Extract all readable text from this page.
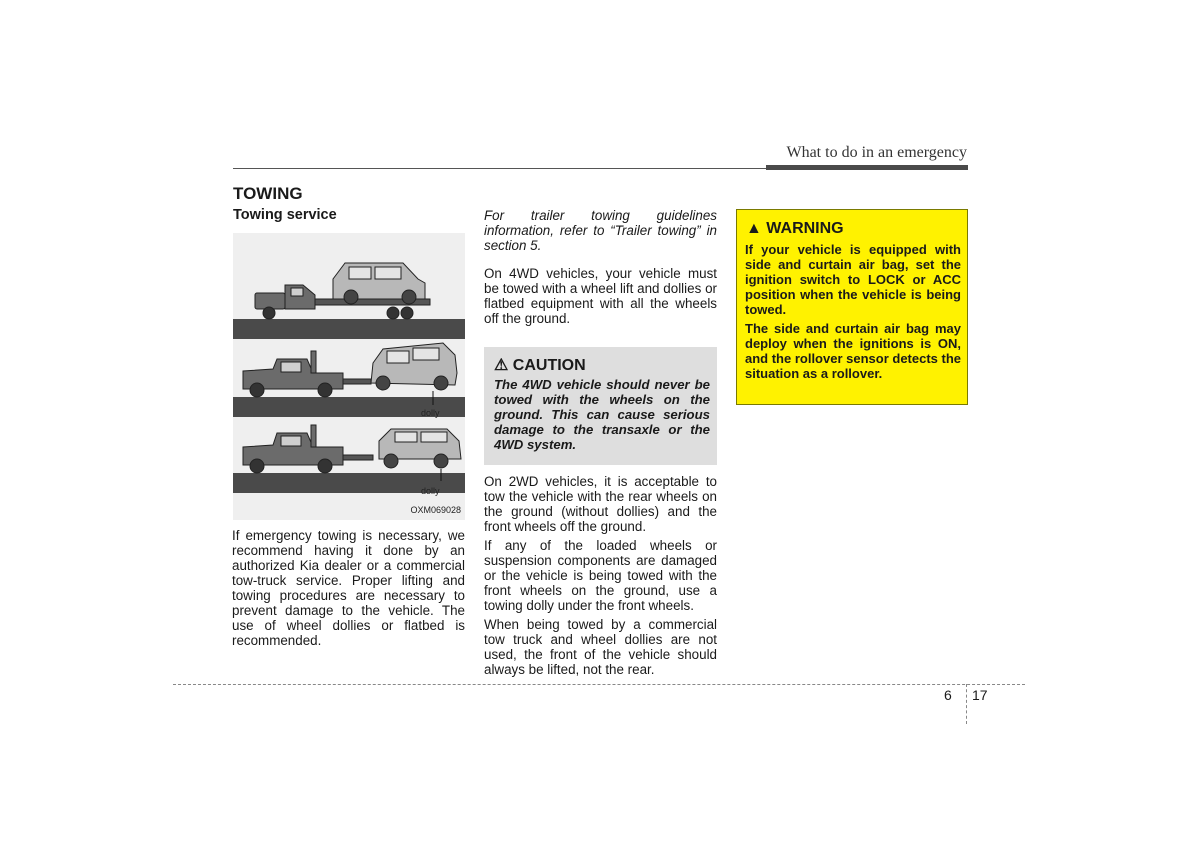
What to do in an emergency
TOWING
Towing service
dolly
dolly
OXM069028
If emergency towing is necessary, we recommend having it done by an authorized Kia dealer or a commercial tow-truck service. Proper lifting and towing procedures are necessary to prevent damage to the vehicle. The use of wheel dollies or flatbed is recommended.

For trailer towing guidelines information, refer to “Trailer towing” in section 5.

On 4WD vehicles, your vehicle must be towed with a wheel lift and dollies or flatbed equipment with all the wheels off the ground.

⚠ CAUTION
The 4WD vehicle should never be towed with the wheels on the ground. This can cause serious damage to the transaxle or the 4WD system.

On 2WD vehicles, it is acceptable to tow the vehicle with the rear wheels on the ground (without dollies) and the front wheels off the ground.

If any of the loaded wheels or suspension components are damaged or the vehicle is being towed with the front wheels on the ground, use a towing dolly under the front wheels.

When being towed by a commercial tow truck and wheel dollies are not used, the front of the vehicle should always be lifted, not the rear.

▲ WARNING

If your vehicle is equipped with side and curtain air bag, set the ignition switch to LOCK or ACC position when the vehicle is being towed.

The side and curtain air bag may deploy when the ignitions is ON, and the rollover sensor detects the situation as a rollover.

6 17
